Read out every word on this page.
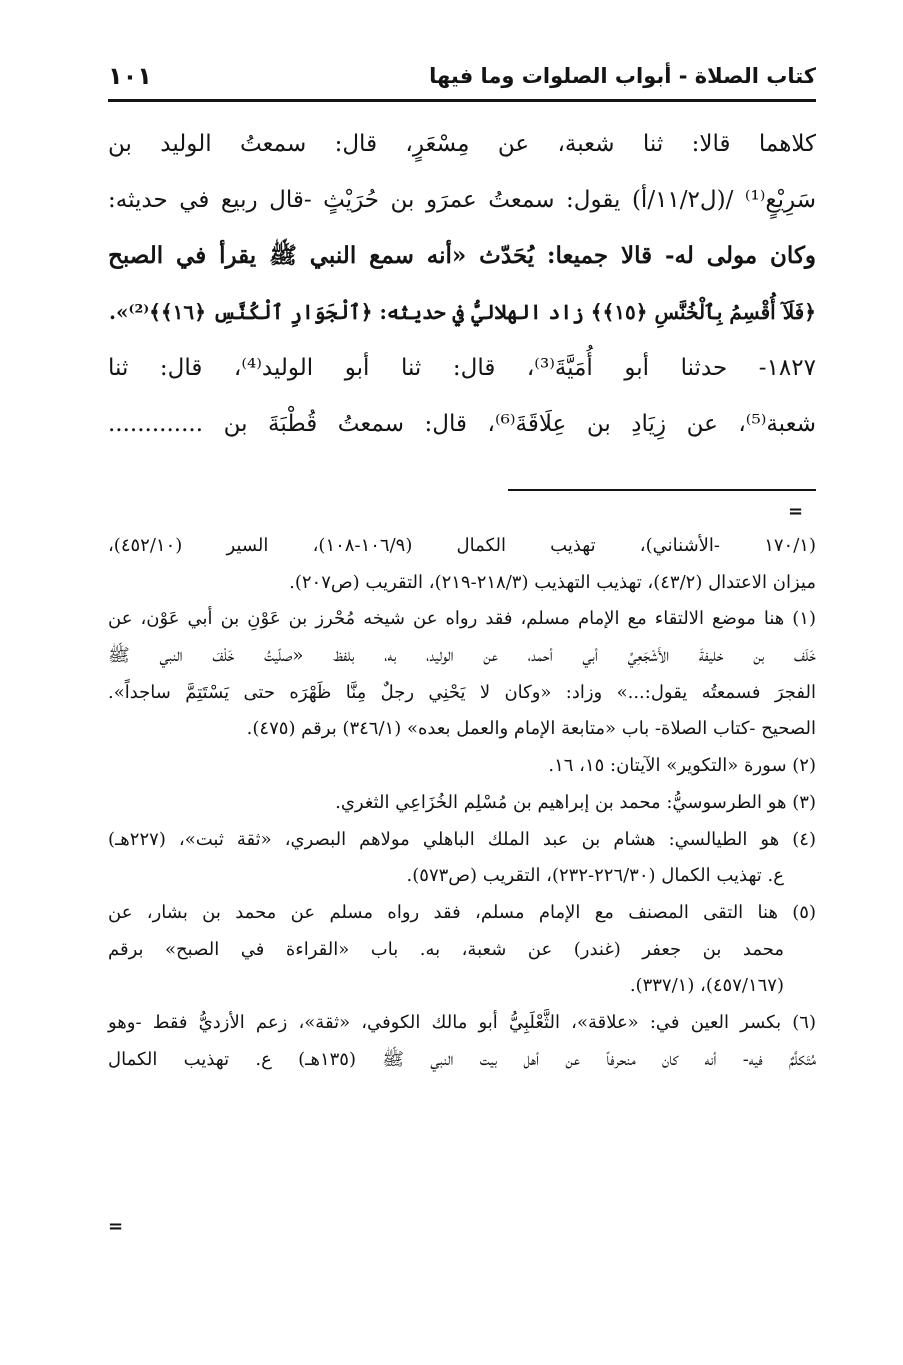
كتاب الصلاة - أبواب الصلوات وما فيها
١٠١
كلاهما قالا: ثنا شعبة، عن مِسْعَرٍ، قال: سمعتُ الوليد بن
سَرِيْعٍ⁽¹⁾ /(ل١١/٢/أ) يقول: سمعتُ عمرَو بن حُرَيْثٍ -قال ربيع في حديثه:
وكان مولى له- قالا جميعا: يُحَدّث «أنه سمع النبي ﷺ يقرأ في الصبح
﴿فَلَآ أُقْسِمُ بِٱلْخُنَّسِ ﴿١٥﴾﴾ زاد الهلاليُّ في حديثه: ﴿ٱلْجَوَارِ ٱلْكُنَّسِ ﴿١٦﴾﴾⁽²⁾».
١٨٢٧- حدثنا أبو أُمَيَّةَ⁽³⁾، قال: ثنا أبو الوليد⁽⁴⁾، قال: ثنا
شعبة⁽⁵⁾، عن زِيَادِ بن عِلَاقَةَ⁽⁶⁾، قال: سمعتُ قُطْبَةَ بن .............
=
(١٧٠/١ -الأشناني)، تهذيب الكمال (١٠٦/٩-١٠٨)، السير (٤٥٢/١٠)،
ميزان الاعتدال (٤٣/٢)، تهذيب التهذيب (٢١٨/٣-٢١٩)، التقريب (ص٢٠٧).
(١) هنا موضع الالتقاء مع الإمام مسلم، فقد رواه عن شيخه مُحْرز بن عَوْنِ بن أبي عَوْن، عن
خَلَف بن خليفةَ الأَشْجَعِيِّ أبي أحمد، عن الوليد، به، بلفظ «صلّيتُ خَلْفَ النبي ﷺ
الفجرَ فسمعتُه يقول:...» وزاد: «وكان لا يَحْنِي رجلٌ مِنَّا ظَهْرَه حتى يَسْتَتِمَّ ساجداً».
الصحيح -كتاب الصلاة- باب «متابعة الإمام والعمل بعده» (٣٤٦/١) برقم (٤٧٥).
(٢) سورة «التكوير» الآيتان: ١٥، ١٦.
(٣) هو الطرسوسيُّ: محمد بن إبراهيم بن مُسْلِم الخُزَاعِي الثغري.
(٤) هو الطيالسي: هشام بن عبد الملك الباهلي مولاهم البصري، «ثقة ثبت»، (٢٢٧هـ)
ع. تهذيب الكمال (٢٢٦/٣٠-٢٣٢)، التقريب (ص٥٧٣).
(٥) هنا التقى المصنف مع الإمام مسلم، فقد رواه مسلم عن محمد بن بشار، عن
محمد بن جعفر (غندر) عن شعبة، به. باب «القراءة في الصبح» برقم
(٤٥٧/١٦٧)، (٣٣٧/١).
(٦) بكسر العين في: «علاقة»، الثَّعْلَبِيُّ أبو مالك الكوفي، «ثقة»، زعم الأزديُّ فقط -وهو
مُتَكلَّمٌ فيه- أنه كان منحرفاً عن أهل بيت النبي ﷺ (١٣٥هـ) ع. تهذيب الكمال
=
